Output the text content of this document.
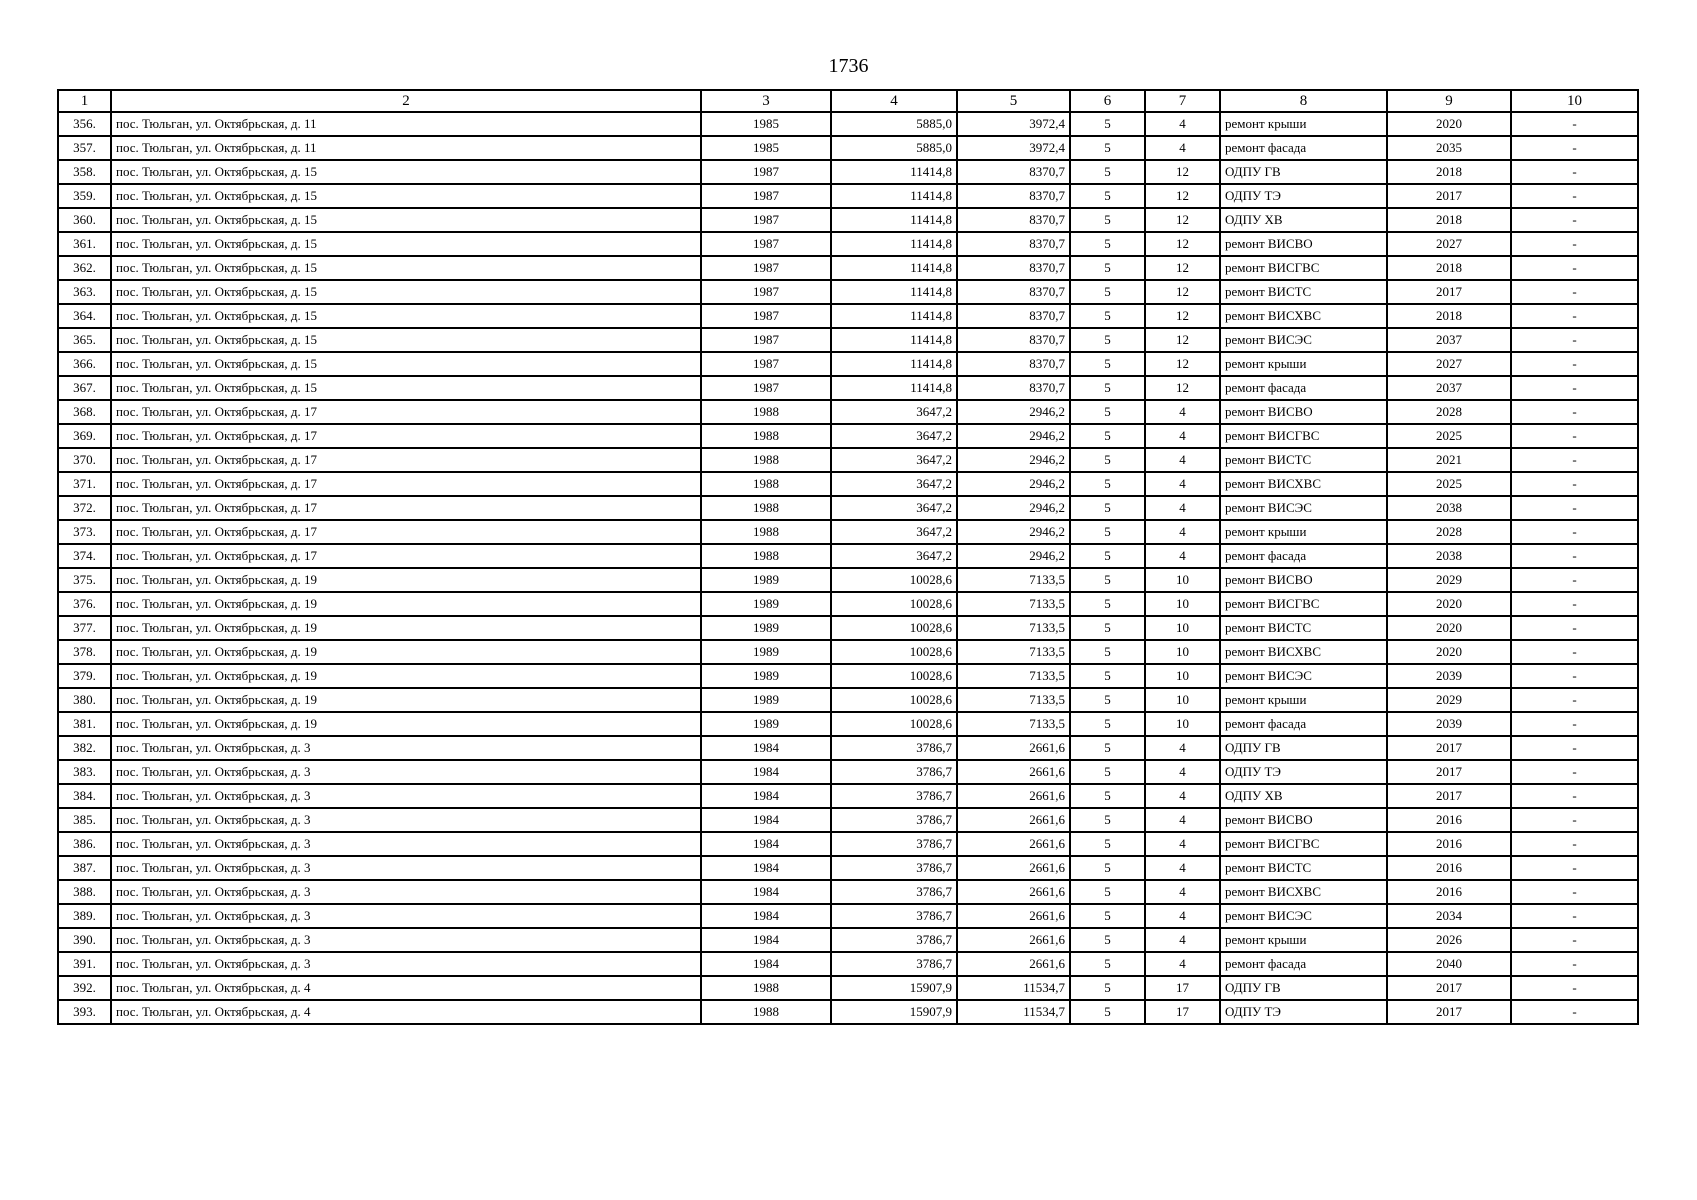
1736
1	2	3	4	5	6	7	8	9	10
356.	пос. Тюльган, ул. Октябрьская, д. 11	1985	5885,0	3972,4	5	4	ремонт крыши	2020	-
357.	пос. Тюльган, ул. Октябрьская, д. 11	1985	5885,0	3972,4	5	4	ремонт фасада	2035	-
358.	пос. Тюльган, ул. Октябрьская, д. 15	1987	11414,8	8370,7	5	12	ОДПУ ГВ	2018	-
359.	пос. Тюльган, ул. Октябрьская, д. 15	1987	11414,8	8370,7	5	12	ОДПУ ТЭ	2017	-
360.	пос. Тюльган, ул. Октябрьская, д. 15	1987	11414,8	8370,7	5	12	ОДПУ ХВ	2018	-
361.	пос. Тюльган, ул. Октябрьская, д. 15	1987	11414,8	8370,7	5	12	ремонт ВИСВО	2027	-
362.	пос. Тюльган, ул. Октябрьская, д. 15	1987	11414,8	8370,7	5	12	ремонт ВИСГВС	2018	-
363.	пос. Тюльган, ул. Октябрьская, д. 15	1987	11414,8	8370,7	5	12	ремонт ВИСТС	2017	-
364.	пос. Тюльган, ул. Октябрьская, д. 15	1987	11414,8	8370,7	5	12	ремонт ВИСХВС	2018	-
365.	пос. Тюльган, ул. Октябрьская, д. 15	1987	11414,8	8370,7	5	12	ремонт ВИСЭС	2037	-
366.	пос. Тюльган, ул. Октябрьская, д. 15	1987	11414,8	8370,7	5	12	ремонт крыши	2027	-
367.	пос. Тюльган, ул. Октябрьская, д. 15	1987	11414,8	8370,7	5	12	ремонт фасада	2037	-
368.	пос. Тюльган, ул. Октябрьская, д. 17	1988	3647,2	2946,2	5	4	ремонт ВИСВО	2028	-
369.	пос. Тюльган, ул. Октябрьская, д. 17	1988	3647,2	2946,2	5	4	ремонт ВИСГВС	2025	-
370.	пос. Тюльган, ул. Октябрьская, д. 17	1988	3647,2	2946,2	5	4	ремонт ВИСТС	2021	-
371.	пос. Тюльган, ул. Октябрьская, д. 17	1988	3647,2	2946,2	5	4	ремонт ВИСХВС	2025	-
372.	пос. Тюльган, ул. Октябрьская, д. 17	1988	3647,2	2946,2	5	4	ремонт ВИСЭС	2038	-
373.	пос. Тюльган, ул. Октябрьская, д. 17	1988	3647,2	2946,2	5	4	ремонт крыши	2028	-
374.	пос. Тюльган, ул. Октябрьская, д. 17	1988	3647,2	2946,2	5	4	ремонт фасада	2038	-
375.	пос. Тюльган, ул. Октябрьская, д. 19	1989	10028,6	7133,5	5	10	ремонт ВИСВО	2029	-
376.	пос. Тюльган, ул. Октябрьская, д. 19	1989	10028,6	7133,5	5	10	ремонт ВИСГВС	2020	-
377.	пос. Тюльган, ул. Октябрьская, д. 19	1989	10028,6	7133,5	5	10	ремонт ВИСТС	2020	-
378.	пос. Тюльган, ул. Октябрьская, д. 19	1989	10028,6	7133,5	5	10	ремонт ВИСХВС	2020	-
379.	пос. Тюльган, ул. Октябрьская, д. 19	1989	10028,6	7133,5	5	10	ремонт ВИСЭС	2039	-
380.	пос. Тюльган, ул. Октябрьская, д. 19	1989	10028,6	7133,5	5	10	ремонт крыши	2029	-
381.	пос. Тюльган, ул. Октябрьская, д. 19	1989	10028,6	7133,5	5	10	ремонт фасада	2039	-
382.	пос. Тюльган, ул. Октябрьская, д. 3	1984	3786,7	2661,6	5	4	ОДПУ ГВ	2017	-
383.	пос. Тюльган, ул. Октябрьская, д. 3	1984	3786,7	2661,6	5	4	ОДПУ ТЭ	2017	-
384.	пос. Тюльган, ул. Октябрьская, д. 3	1984	3786,7	2661,6	5	4	ОДПУ ХВ	2017	-
385.	пос. Тюльган, ул. Октябрьская, д. 3	1984	3786,7	2661,6	5	4	ремонт ВИСВО	2016	-
386.	пос. Тюльган, ул. Октябрьская, д. 3	1984	3786,7	2661,6	5	4	ремонт ВИСГВС	2016	-
387.	пос. Тюльган, ул. Октябрьская, д. 3	1984	3786,7	2661,6	5	4	ремонт ВИСТС	2016	-
388.	пос. Тюльган, ул. Октябрьская, д. 3	1984	3786,7	2661,6	5	4	ремонт ВИСХВС	2016	-
389.	пос. Тюльган, ул. Октябрьская, д. 3	1984	3786,7	2661,6	5	4	ремонт ВИСЭС	2034	-
390.	пос. Тюльган, ул. Октябрьская, д. 3	1984	3786,7	2661,6	5	4	ремонт крыши	2026	-
391.	пос. Тюльган, ул. Октябрьская, д. 3	1984	3786,7	2661,6	5	4	ремонт фасада	2040	-
392.	пос. Тюльган, ул. Октябрьская, д. 4	1988	15907,9	11534,7	5	17	ОДПУ ГВ	2017	-
393.	пос. Тюльган, ул. Октябрьская, д. 4	1988	15907,9	11534,7	5	17	ОДПУ ТЭ	2017	-
